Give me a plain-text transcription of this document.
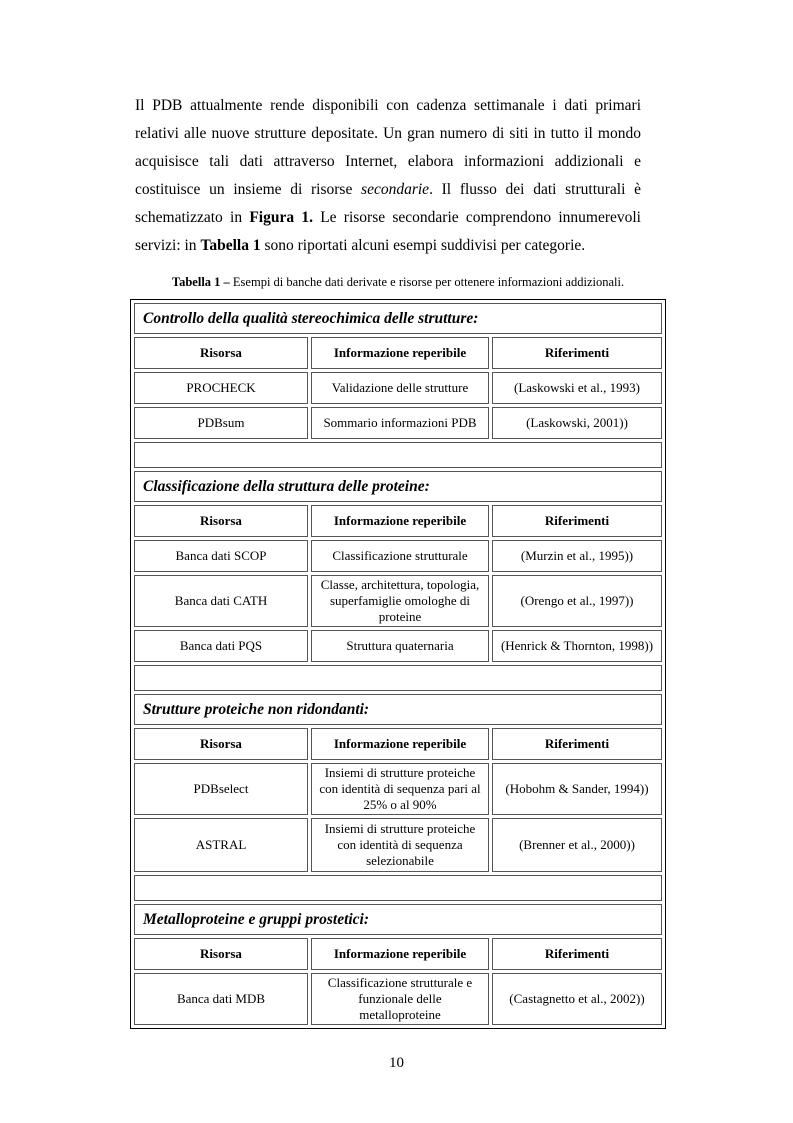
Il PDB attualmente rende disponibili con cadenza settimanale i dati primari relativi alle nuove strutture depositate. Un gran numero di siti in tutto il mondo acquisisce tali dati attraverso Internet, elabora informazioni addizionali e costituisce un insieme di risorse secondarie. Il flusso dei dati strutturali è schematizzato in Figura 1. Le risorse secondarie comprendono innumerevoli servizi: in Tabella 1 sono riportati alcuni esempi suddivisi per categorie.

Tabella 1 – Esempi di banche dati derivate e risorse per ottenere informazioni addizionali.

Controllo della qualità stereochimica delle strutture:		
Risorsa	Informazione reperibile	Riferimenti
PROCHECK	Validazione delle strutture	(Laskowski et al., 1993)
PDBsum	Sommario informazioni PDB	(Laskowski, 2001))

Classificazione della struttura delle proteine:		
Risorsa	Informazione reperibile	Riferimenti
Banca dati SCOP	Classificazione strutturale	(Murzin et al., 1995))
Banca dati CATH	Classe, architettura, topologia, superfamiglie omologhe di proteine	(Orengo et al., 1997))
Banca dati PQS	Struttura quaternaria	(Henrick & Thornton, 1998))

Strutture proteiche non ridondanti:		
Risorsa	Informazione reperibile	Riferimenti
PDBselect	Insiemi di strutture proteiche con identità di sequenza pari al 25% o al 90%	(Hobohm & Sander, 1994))
ASTRAL	Insiemi di strutture proteiche con identità di sequenza selezionabile	(Brenner et al., 2000))

Metalloproteine e gruppi prostetici:		
Risorsa	Informazione reperibile	Riferimenti
Banca dati MDB	Classificazione strutturale e funzionale delle metalloproteine	(Castagnetto et al., 2002))
10
